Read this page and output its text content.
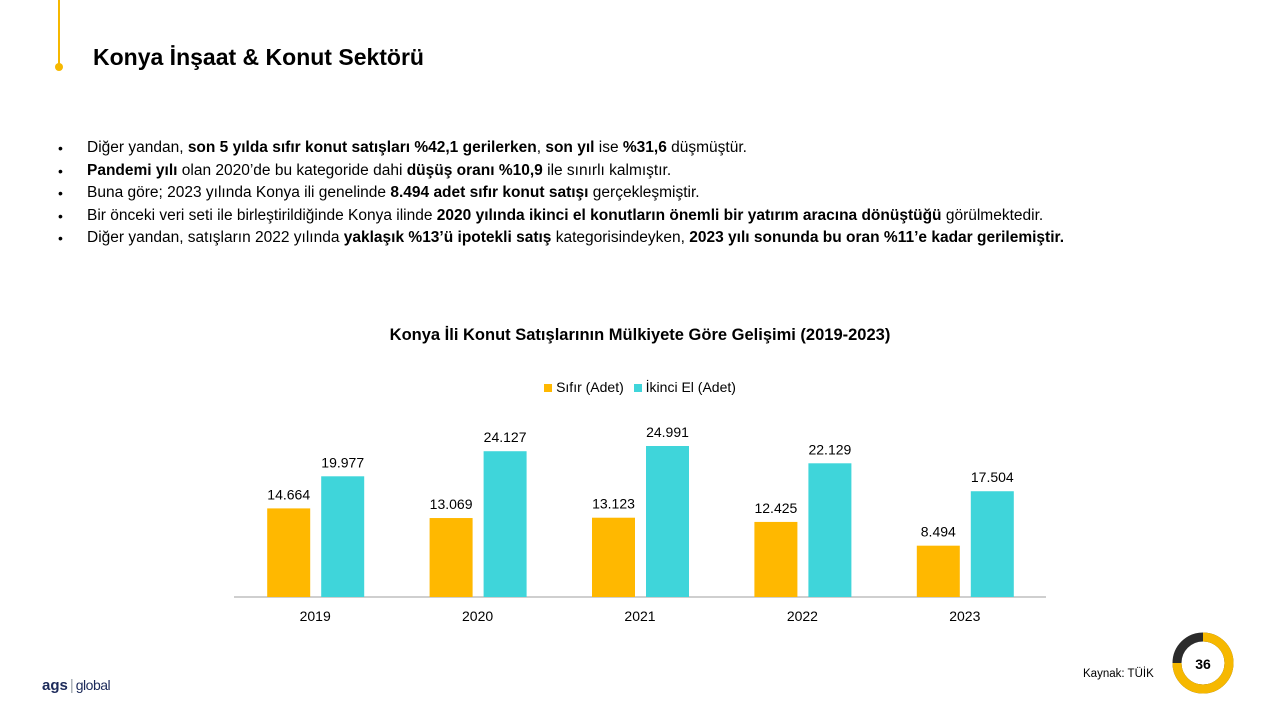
Konya İnşaat & Konut Sektörü
• Diğer yandan, son 5 yılda sıfır konut satışları %42,1 gerilerken, son yıl ise %31,6 düşmüştür.
• Pandemi yılı olan 2020’de bu kategoride dahi düşüş oranı %10,9 ile sınırlı kalmıştır.
• Buna göre; 2023 yılında Konya ili genelinde 8.494 adet sıfır konut satışı gerçekleşmiştir.
• Bir önceki veri seti ile birleştirildiğinde Konya ilinde 2020 yılında ikinci el konutların önemli bir yatırım aracına dönüştüğü görülmektedir.
• Diğer yandan, satışların 2022 yılında yaklaşık %13’ü ipotekli satış kategorisindeyken, 2023 yılı sonunda bu oran %11’e kadar gerilemiştir.
Konya İli Konut Satışlarının Mülkiyete Göre Gelişimi (2019-2023)
Sıfır (Adet) İkinci El (Adet)
14.664
19.977
2019
13.069
24.127
2020
13.123
24.991
2021
12.425
22.129
2022
8.494
17.504
2023
Kaynak: TÜİK
36
ags | global
